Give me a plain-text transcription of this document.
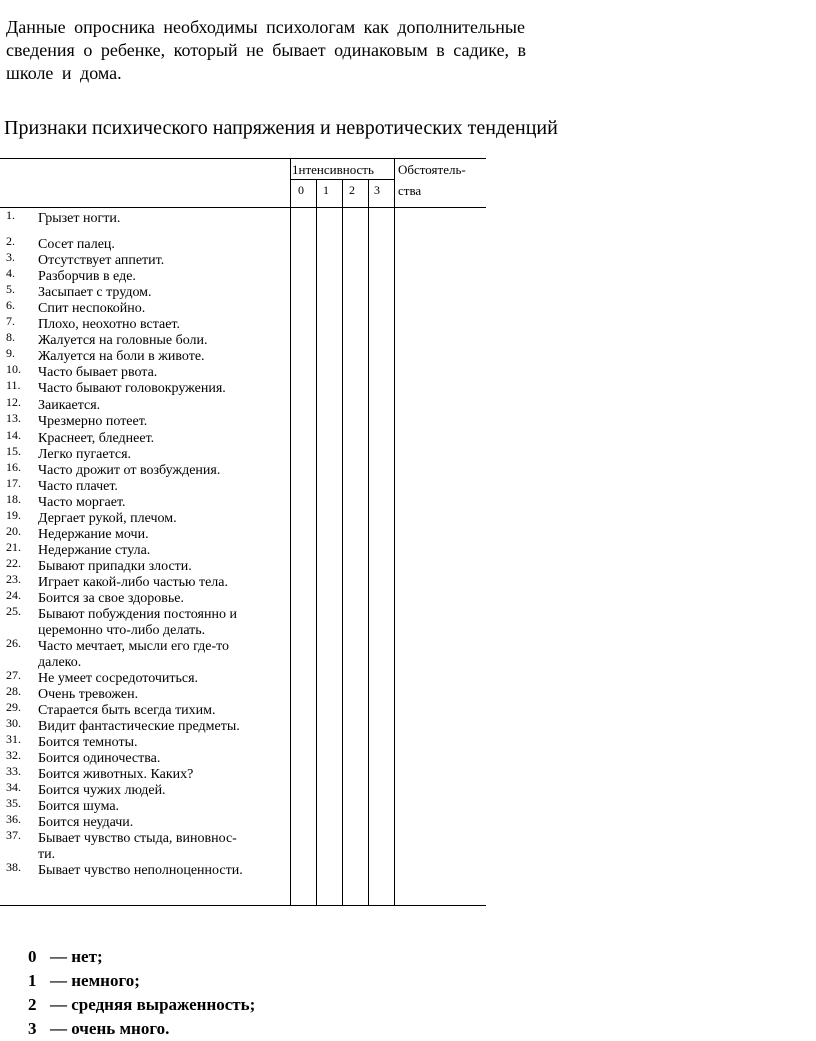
Данные опросника необходимы психологам как дополнительные
сведения о ребенке, который не бывает одинаковым в садике, в
школе и дома.
Признаки психического напряжения и невротических тенденций
1нтенсивность Обстоятель-
ства
0 1 2 3
1. Грызет ногти.
2. Сосет палец.
3. Отсутствует аппетит.
4. Разборчив в еде.
5. Засыпает с трудом.
6. Спит неспокойно.
7. Плохо, неохотно встает.
8. Жалуется на головные боли.
9. Жалуется на боли в животе.
10. Часто бывает рвота.
11. Часто бывают головокружения.
12. Заикается.
13. Чрезмерно потеет.
14. Краснеет, бледнеет.
15. Легко пугается.
16. Часто дрожит от возбуждения.
17. Часто плачет.
18. Часто моргает.
19. Дергает рукой, плечом.
20. Недержание мочи.
21. Недержание стула.
22. Бывают припадки злости.
23. Играет какой-либо частью тела.
24. Боится за свое здоровье.
25. Бывают побуждения постоянно и
церемонно что-либо делать.
26. Часто мечтает, мысли его где-то
далеко.
27. Не умеет сосредоточиться.
28. Очень тревожен.
29. Старается быть всегда тихим.
30. Видит фантастические предметы.
31. Боится темноты.
32. Боится одиночества.
33. Боится животных. Каких?
34. Боится чужих людей.
35. Боится шума.
36. Боится неудачи.
37. Бывает чувство стыда, виновнос-
ти.
38. Бывает чувство неполноценности.
0 — нет;
1 — немного;
2 — средняя выраженность;
3 — очень много.
